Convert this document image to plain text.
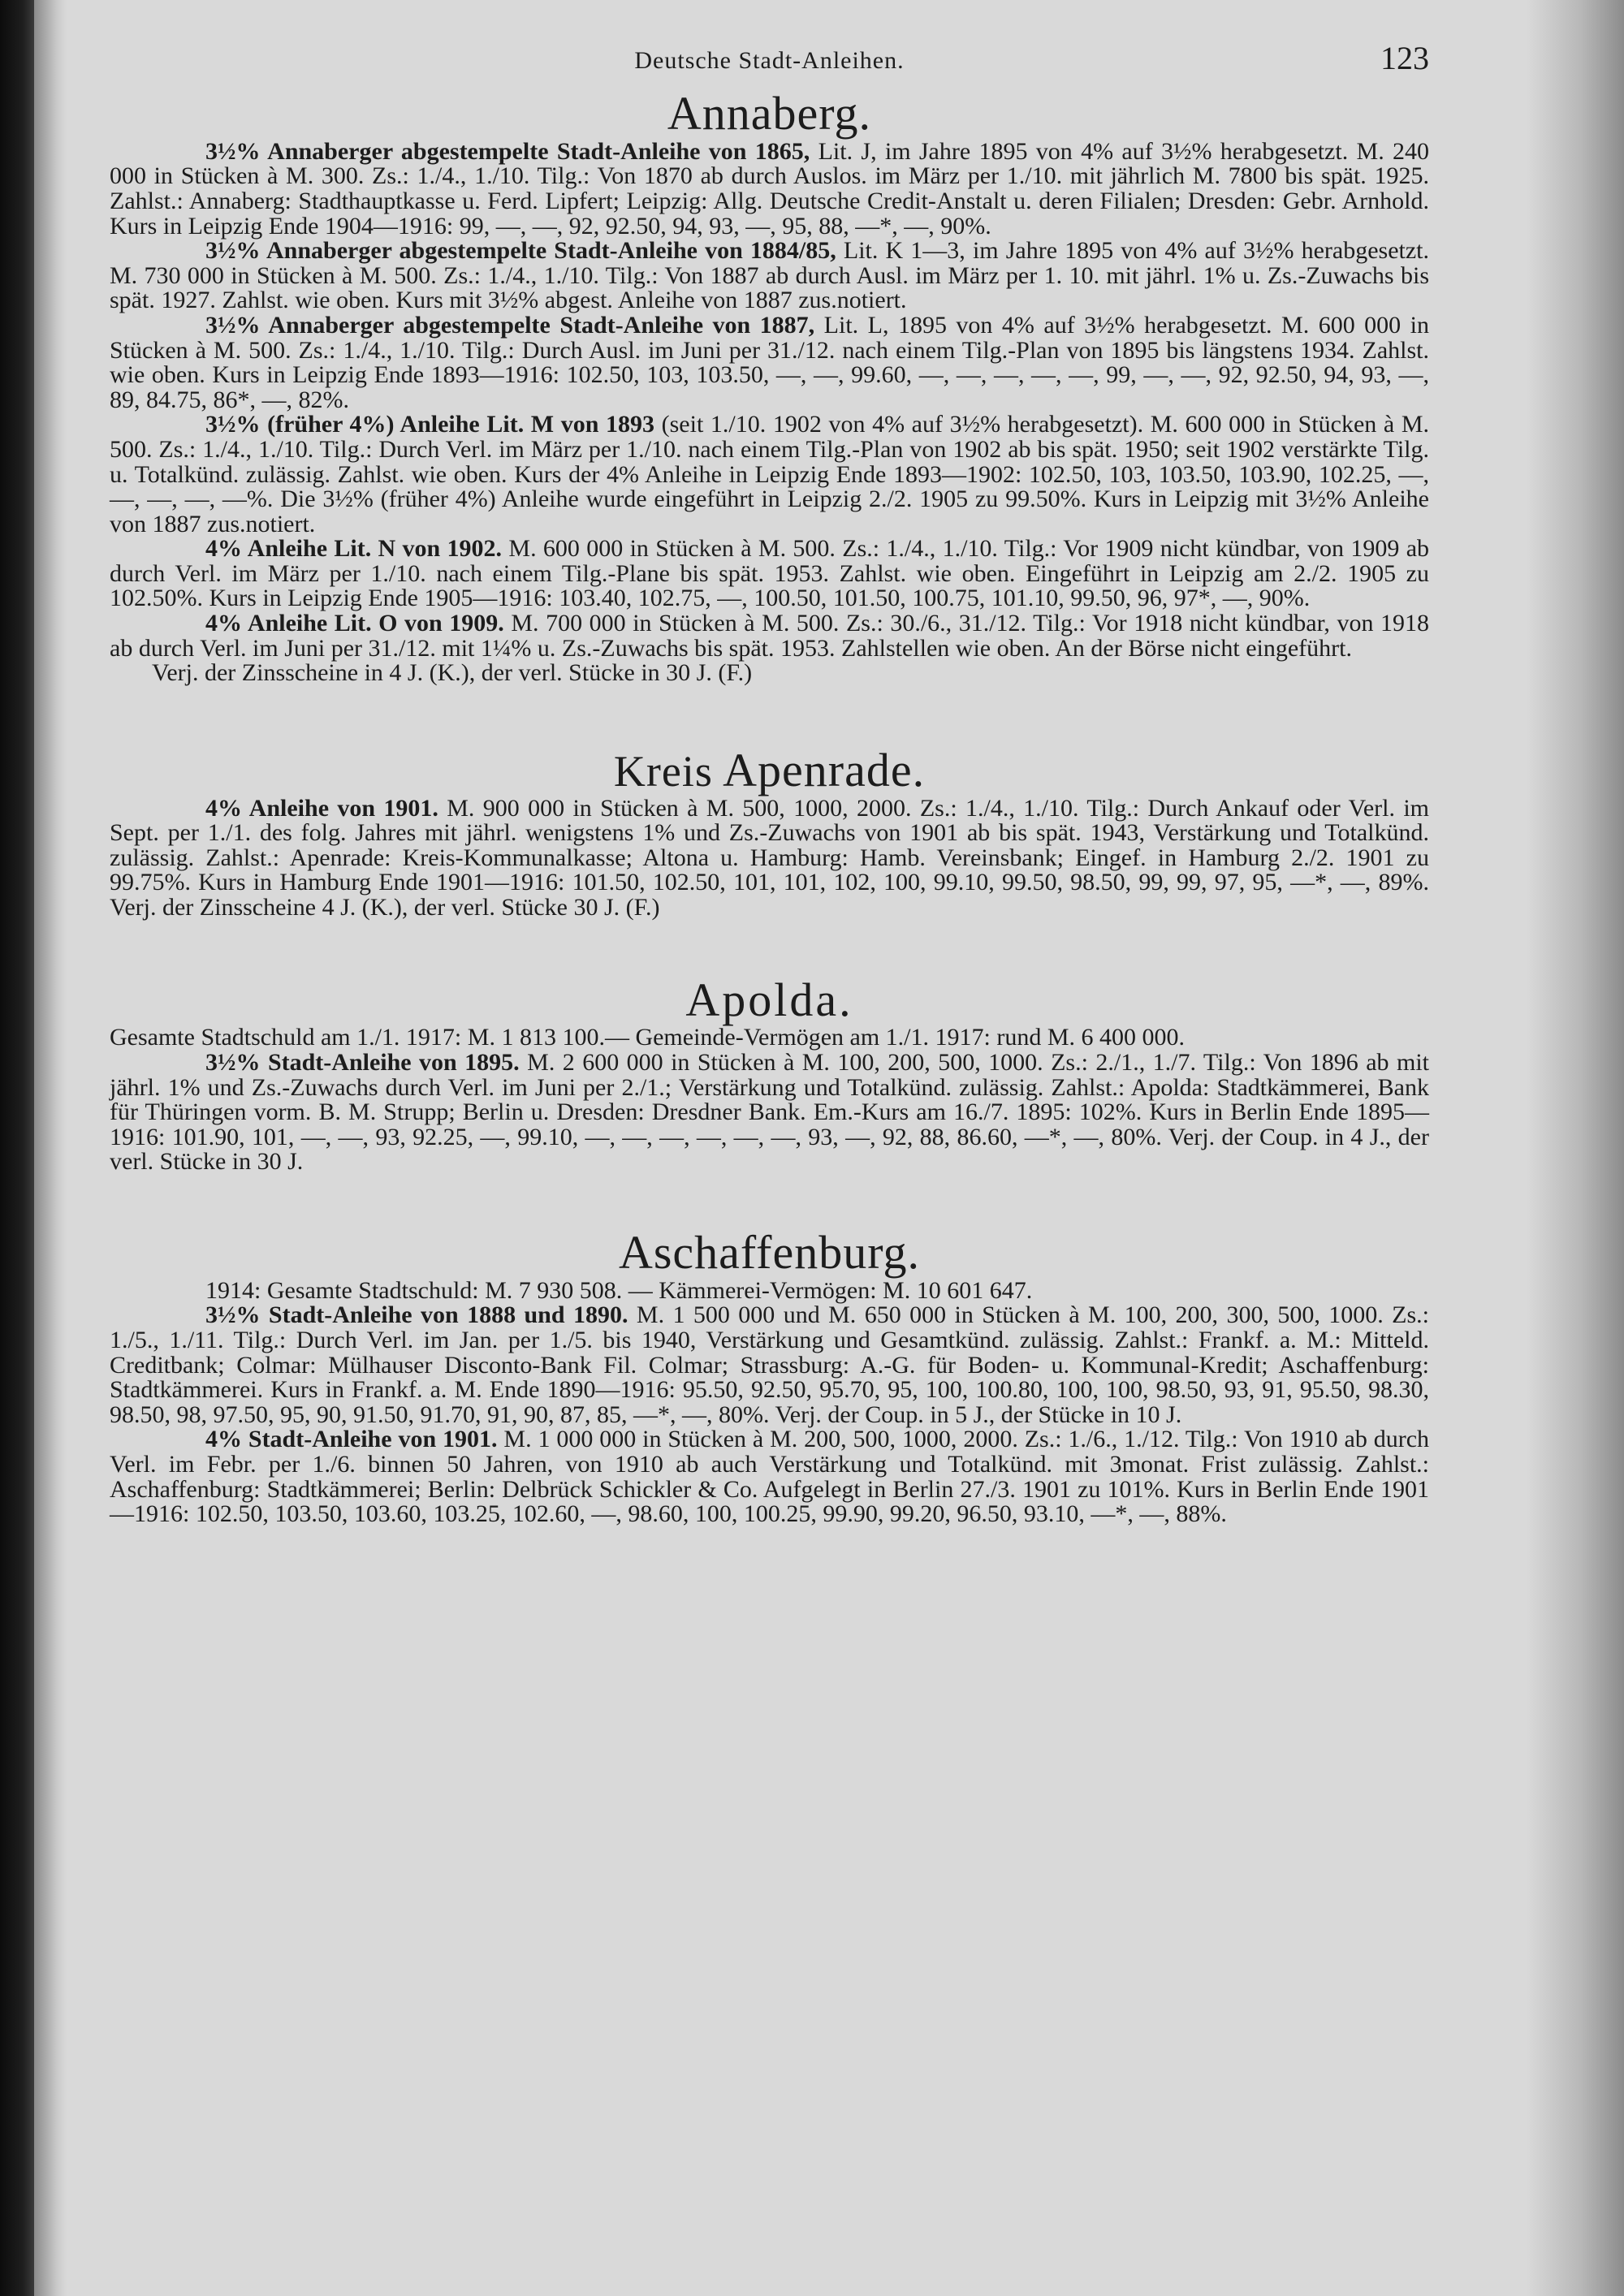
Deutsche Stadt-Anleihen.	123
Annaberg.

3½% Annaberger abgestempelte Stadt-Anleihe von 1865, Lit. J, im Jahre 1895 von 4% auf 3½% herabgesetzt. M. 240 000 in Stücken à M. 300. Zs.: 1./4., 1./10. Tilg.: Von 1870 ab durch Auslos. im März per 1./10. mit jährlich M. 7800 bis spät. 1925. Zahlst.: Annaberg: Stadthauptkasse u. Ferd. Lipfert; Leipzig: Allg. Deutsche Credit-Anstalt u. deren Filialen; Dresden: Gebr. Arnhold. Kurs in Leipzig Ende 1904—1916: 99, —, —, 92, 92.50, 94, 93, —, 95, 88, —*, —, 90%.

3½% Annaberger abgestempelte Stadt-Anleihe von 1884/85, Lit. K 1—3, im Jahre 1895 von 4% auf 3½% herabgesetzt. M. 730 000 in Stücken à M. 500. Zs.: 1./4., 1./10. Tilg.: Von 1887 ab durch Ausl. im März per 1. 10. mit jährl. 1% u. Zs.-Zuwachs bis spät. 1927. Zahlst. wie oben. Kurs mit 3½% abgest. Anleihe von 1887 zus.notiert.

3½% Annaberger abgestempelte Stadt-Anleihe von 1887, Lit. L, 1895 von 4% auf 3½% herabgesetzt. M. 600 000 in Stücken à M. 500. Zs.: 1./4., 1./10. Tilg.: Durch Ausl. im Juni per 31./12. nach einem Tilg.-Plan von 1895 bis längstens 1934. Zahlst. wie oben. Kurs in Leipzig Ende 1893—1916: 102.50, 103, 103.50, —, —, 99.60, —, —, —, —, —, 99, —, —, 92, 92.50, 94, 93, —, 89, 84.75, 86*, —, 82%.

3½% (früher 4%) Anleihe Lit. M von 1893 (seit 1./10. 1902 von 4% auf 3½% herabgesetzt). M. 600 000 in Stücken à M. 500. Zs.: 1./4., 1./10. Tilg.: Durch Verl. im März per 1./10. nach einem Tilg.-Plan von 1902 ab bis spät. 1950; seit 1902 verstärkte Tilg. u. Totalkünd. zulässig. Zahlst. wie oben. Kurs der 4% Anleihe in Leipzig Ende 1893—1902: 102.50, 103, 103.50, 103.90, 102.25, —, —, —, —, —%. Die 3½% (früher 4%) Anleihe wurde eingeführt in Leipzig 2./2. 1905 zu 99.50%. Kurs in Leipzig mit 3½% Anleihe von 1887 zus.notiert.

4% Anleihe Lit. N von 1902. M. 600 000 in Stücken à M. 500. Zs.: 1./4., 1./10. Tilg.: Vor 1909 nicht kündbar, von 1909 ab durch Verl. im März per 1./10. nach einem Tilg.-Plane bis spät. 1953. Zahlst. wie oben. Eingeführt in Leipzig am 2./2. 1905 zu 102.50%. Kurs in Leipzig Ende 1905—1916: 103.40, 102.75, —, 100.50, 101.50, 100.75, 101.10, 99.50, 96, 97*, —, 90%.

4% Anleihe Lit. O von 1909. M. 700 000 in Stücken à M. 500. Zs.: 30./6., 31./12. Tilg.: Vor 1918 nicht kündbar, von 1918 ab durch Verl. im Juni per 31./12. mit 1¼% u. Zs.-Zuwachs bis spät. 1953. Zahlstellen wie oben. An der Börse nicht eingeführt.

Verj. der Zinsscheine in 4 J. (K.), der verl. Stücke in 30 J. (F.)

Kreis Apenrade.

4% Anleihe von 1901. M. 900 000 in Stücken à M. 500, 1000, 2000. Zs.: 1./4., 1./10. Tilg.: Durch Ankauf oder Verl. im Sept. per 1./1. des folg. Jahres mit jährl. wenigstens 1% und Zs.-Zuwachs von 1901 ab bis spät. 1943, Verstärkung und Totalkünd. zulässig. Zahlst.: Apenrade: Kreis-Kommunalkasse; Altona u. Hamburg: Hamb. Vereinsbank; Eingef. in Hamburg 2./2. 1901 zu 99.75%. Kurs in Hamburg Ende 1901—1916: 101.50, 102.50, 101, 101, 102, 100, 99.10, 99.50, 98.50, 99, 99, 97, 95, —*, —, 89%. Verj. der Zinsscheine 4 J. (K.), der verl. Stücke 30 J. (F.)

Apolda.

Gesamte Stadtschuld am 1./1. 1917: M. 1 813 100.— Gemeinde-Vermögen am 1./1. 1917: rund M. 6 400 000.

3½% Stadt-Anleihe von 1895. M. 2 600 000 in Stücken à M. 100, 200, 500, 1000. Zs.: 2./1., 1./7. Tilg.: Von 1896 ab mit jährl. 1% und Zs.-Zuwachs durch Verl. im Juni per 2./1.; Verstärkung und Totalkünd. zulässig. Zahlst.: Apolda: Stadtkämmerei, Bank für Thüringen vorm. B. M. Strupp; Berlin u. Dresden: Dresdner Bank. Em.-Kurs am 16./7. 1895: 102%. Kurs in Berlin Ende 1895—1916: 101.90, 101, —, —, 93, 92.25, —, 99.10, —, —, —, —, —, —, 93, —, 92, 88, 86.60, —*, —, 80%. Verj. der Coup. in 4 J., der verl. Stücke in 30 J.

Aschaffenburg.

1914: Gesamte Stadtschuld: M. 7 930 508. — Kämmerei-Vermögen: M. 10 601 647.

3½% Stadt-Anleihe von 1888 und 1890. M. 1 500 000 und M. 650 000 in Stücken à M. 100, 200, 300, 500, 1000. Zs.: 1./5., 1./11. Tilg.: Durch Verl. im Jan. per 1./5. bis 1940, Verstärkung und Gesamtkünd. zulässig. Zahlst.: Frankf. a. M.: Mitteld. Creditbank; Colmar: Mülhauser Disconto-Bank Fil. Colmar; Strassburg: A.-G. für Boden- u. Kommunal-Kredit; Aschaffenburg: Stadtkämmerei. Kurs in Frankf. a. M. Ende 1890—1916: 95.50, 92.50, 95.70, 95, 100, 100.80, 100, 100, 98.50, 93, 91, 95.50, 98.30, 98.50, 98, 97.50, 95, 90, 91.50, 91.70, 91, 90, 87, 85, —*, —, 80%. Verj. der Coup. in 5 J., der Stücke in 10 J.

4% Stadt-Anleihe von 1901. M. 1 000 000 in Stücken à M. 200, 500, 1000, 2000. Zs.: 1./6., 1./12. Tilg.: Von 1910 ab durch Verl. im Febr. per 1./6. binnen 50 Jahren, von 1910 ab auch Verstärkung und Totalkünd. mit 3monat. Frist zulässig. Zahlst.: Aschaffenburg: Stadtkämmerei; Berlin: Delbrück Schickler & Co. Aufgelegt in Berlin 27./3. 1901 zu 101%. Kurs in Berlin Ende 1901—1916: 102.50, 103.50, 103.60, 103.25, 102.60, —, 98.60, 100, 100.25, 99.90, 99.20, 96.50, 93.10, —*, —, 88%.
